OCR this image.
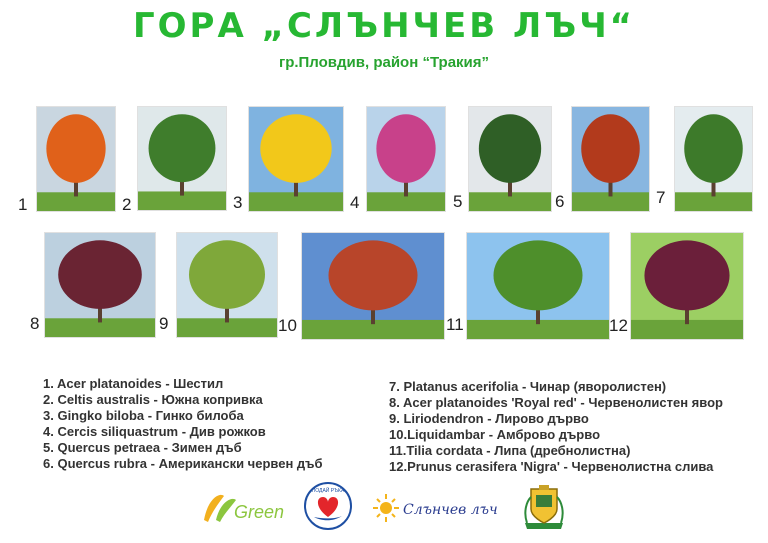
ГОРА „СЛЪНЧЕВ ЛЪЧ“
гр.Пловдив, район “Тракия”
1	2	3	4	5	6	7
8	9	10	11	12
1. Acer platanoides - Шестил
2. Celtis australis - Южна копривка
3. Gingko biloba - Гинко билоба
4. Cercis siliquastrum - Див рожков
5. Quercus petraea - Зимен дъб
6. Quercus rubra - Американски червен дъб
7. Platanus acerifolia - Чинар (яворолистен)
8. Acer platanoides 'Royal red' - Червенолистен явор
9. Liriodendron - Лирово дърво
10.Liquidambar - Амброво дърво
11.Tilia cordata - Липа (дребнолистна)
12.Prunus cerasifera 'Nigra' - Червенолистна слива
Green
ПОДАЙ РЪКА
Слънчев лъч
